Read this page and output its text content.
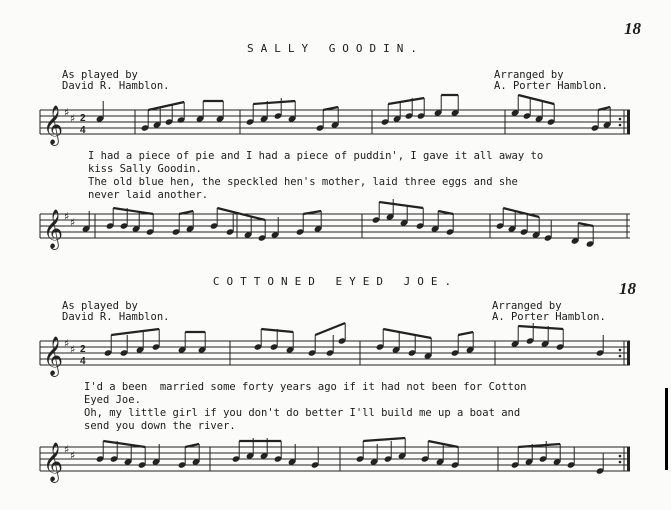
18
18
SALLY GOODIN.
As played by
David R. Hamblon.
Arranged by
A. Porter Hamblon.
𝄞 ♯ ♯ 2
4
I had a piece of pie and I had a piece of puddin', I gave it all away to
kiss Sally Goodin.
The old blue hen, the speckled hen's mother, laid three eggs and she
never laid another.
𝄞 ♯ ♯
COTTONED EYED JOE.
As played by
David R. Hamblon.
Arranged by
A. Porter Hamblon.
𝄞 ♯ ♯ 2
4
I'd a been  married some forty years ago if it had not been for Cotton
Eyed Joe.
Oh, my little girl if you don't do better I'll build me up a boat and
send you down the river.
𝄞 ♯ ♯
